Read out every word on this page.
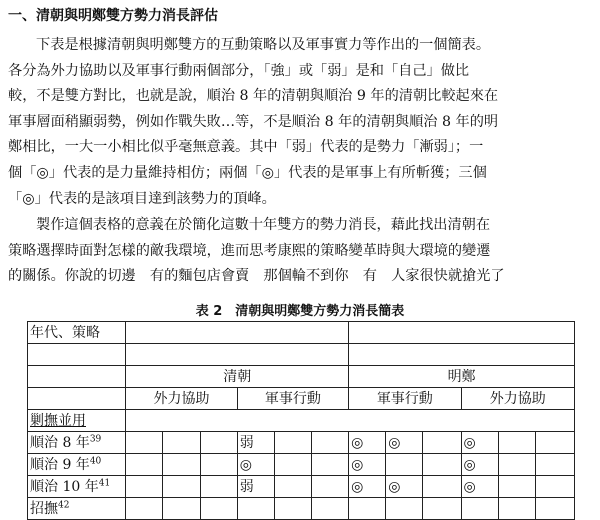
一、清朝與明鄭雙方勢力消長評估
下表是根據清朝與明鄭雙方的互動策略以及軍事實力等作出的一個簡表。
各分為外力協助以及軍事行動兩個部分，「強」或「弱」是和「自己」做比
較，不是雙方對比，也就是說，順治 8 年的清朝與順治 9 年的清朝比較起來在
軍事層面稍顯弱勢，例如作戰失敗…等，不是順治 8 年的清朝與順治 8 年的明
鄭相比，一大一小相比似乎毫無意義。其中「弱」代表的是勢力「漸弱」；一
個「◎」代表的是力量維持相仿；兩個「◎」代表的是軍事上有所斬獲；三個
「◎」代表的是該項目達到該勢力的頂峰。
製作這個表格的意義在於簡化這數十年雙方的勢力消長，藉此找出清朝在
策略選擇時面對怎樣的敵我環境，進而思考康熙的策略變革時與大環境的變遷
的關係。你說的切邊　有的麵包店會賣　那個輪不到你　有　人家很快就搶光了
表 2　清朝與明鄭雙方勢力消長簡表
年代、策略												

	清朝						明鄭					
	外力協助			軍事行動			軍事行動			外力協助		
剿撫並用												
順治 8 年$^{39}$				弱			◎	◎		◎		
順治 9 年$^{40}$				◎			◎			◎		
順治 10 年$^{41}$				弱			◎	◎		◎		
招撫$^{42}$												
